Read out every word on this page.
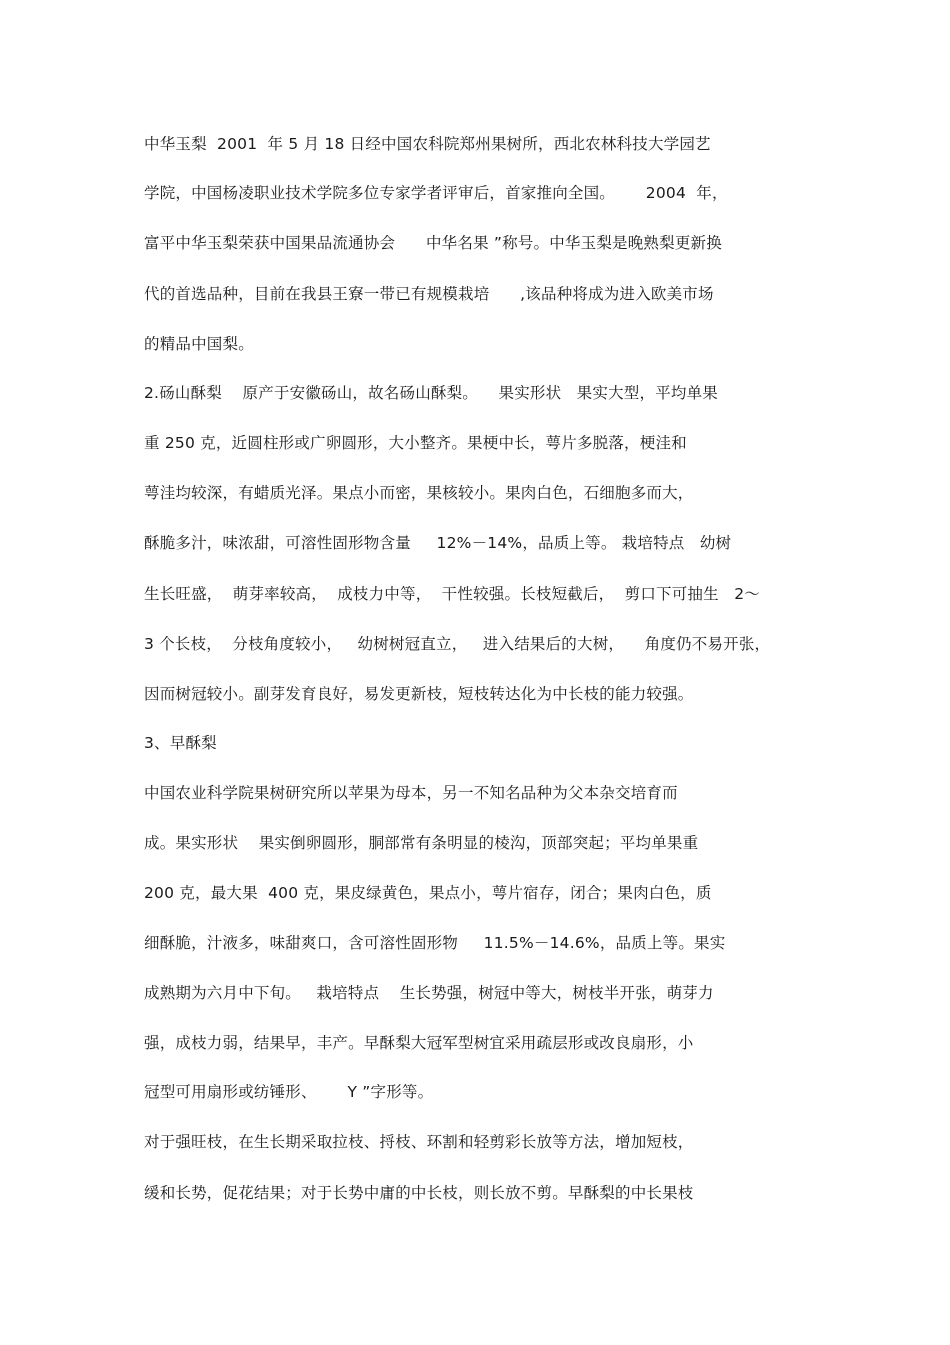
中华玉梨  2001  年 5 月 18 日经中国农科院郑州果树所，西北农林科技大学园艺
学院，中国杨凌职业技术学院多位专家学者评审后，首家推向全国。      2004  年，
富平中华玉梨荣获中国果品流通协会      中华名果 ”称号。中华玉梨是晚熟梨更新换
代的首选品种，目前在我县王寮一带已有规模栽培      ,该品种将成为进入欧美市场
的精品中国梨。
2.砀山酥梨    原产于安徽砀山，故名砀山酥梨。    果实形状   果实大型，平均单果
重 250 克，近圆柱形或广卵圆形，大小整齐。果梗中长，萼片多脱落，梗洼和
萼洼均较深，有蜡质光泽。果点小而密，果核较小。果肉白色，石细胞多而大，
酥脆多汁，味浓甜，可溶性固形物含量     12%－14%，品质上等。 栽培特点   幼树
生长旺盛，  萌芽率较高，  成枝力中等，  干性较强。长枝短截后，  剪口下可抽生   2～
3 个长枝，  分枝角度较小，   幼树树冠直立，   进入结果后的大树，    角度仍不易开张，
因而树冠较小。副芽发育良好，易发更新枝，短枝转达化为中长枝的能力较强。
3、早酥梨
中国农业科学院果树研究所以苹果为母本，另一不知名品种为父本杂交培育而
成。果实形状    果实倒卵圆形，胴部常有条明显的棱沟，顶部突起；平均单果重
200 克，最大果  400 克，果皮绿黄色，果点小，萼片宿存，闭合；果肉白色，质
细酥脆，汁液多，味甜爽口，含可溶性固形物     11.5%－14.6%，品质上等。果实
成熟期为六月中下旬。   栽培特点    生长势强，树冠中等大，树枝半开张，萌芽力
强，成枝力弱，结果早，丰产。早酥梨大冠军型树宜采用疏层形或改良扇形，小
冠型可用扇形或纺锤形、      Y ”字形等。
对于强旺枝，在生长期采取拉枝、捋枝、环割和轻剪彩长放等方法，增加短枝，
缓和长势，促花结果；对于长势中庸的中长枝，则长放不剪。早酥梨的中长果枝
